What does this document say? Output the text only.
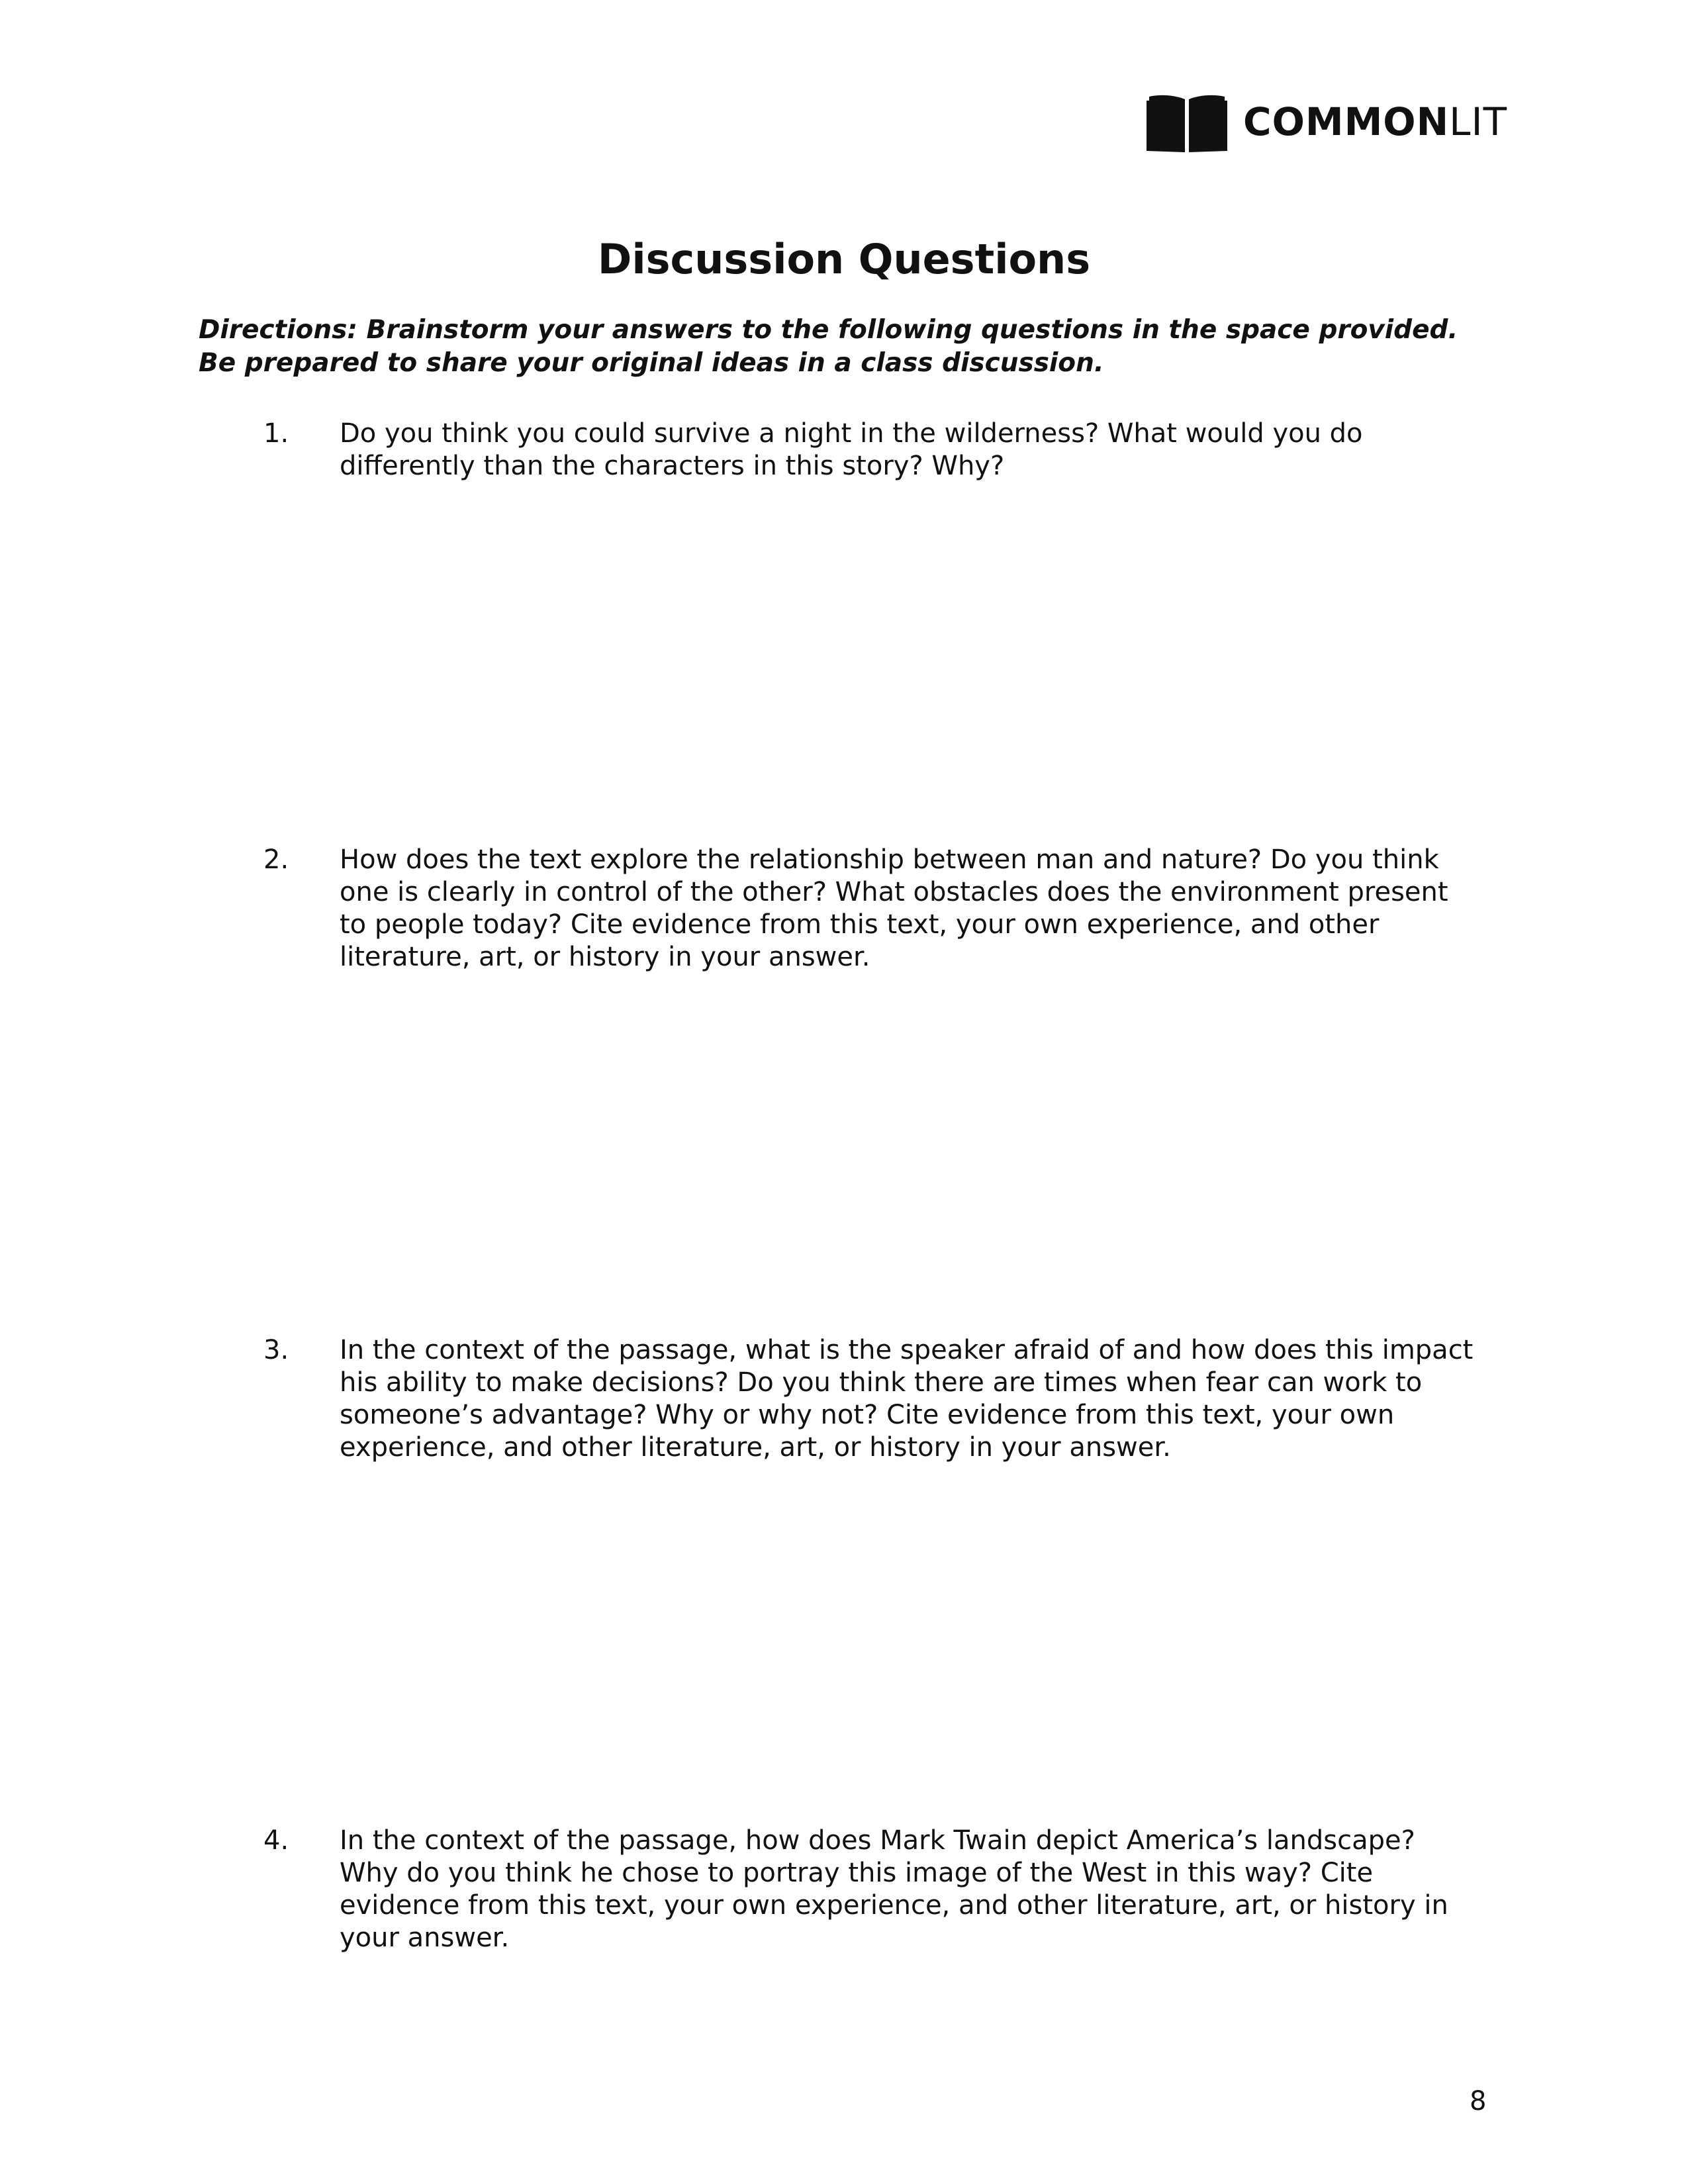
COMMONLIT
Discussion Questions

Directions: Brainstorm your answers to the following questions in the space provided. Be prepared to share your original ideas in a class discussion.

1. Do you think you could survive a night in the wilderness? What would you do differently than the characters in this story? Why?
2. How does the text explore the relationship between man and nature? Do you think one is clearly in control of the other? What obstacles does the environment present to people today? Cite evidence from this text, your own experience, and other literature, art, or history in your answer.
3. In the context of the passage, what is the speaker afraid of and how does this impact his ability to make decisions? Do you think there are times when fear can work to someone’s advantage? Why or why not? Cite evidence from this text, your own experience, and other literature, art, or history in your answer.
4. In the context of the passage, how does Mark Twain depict America’s landscape? Why do you think he chose to portray this image of the West in this way? Cite evidence from this text, your own experience, and other literature, art, or history in your answer.
8
